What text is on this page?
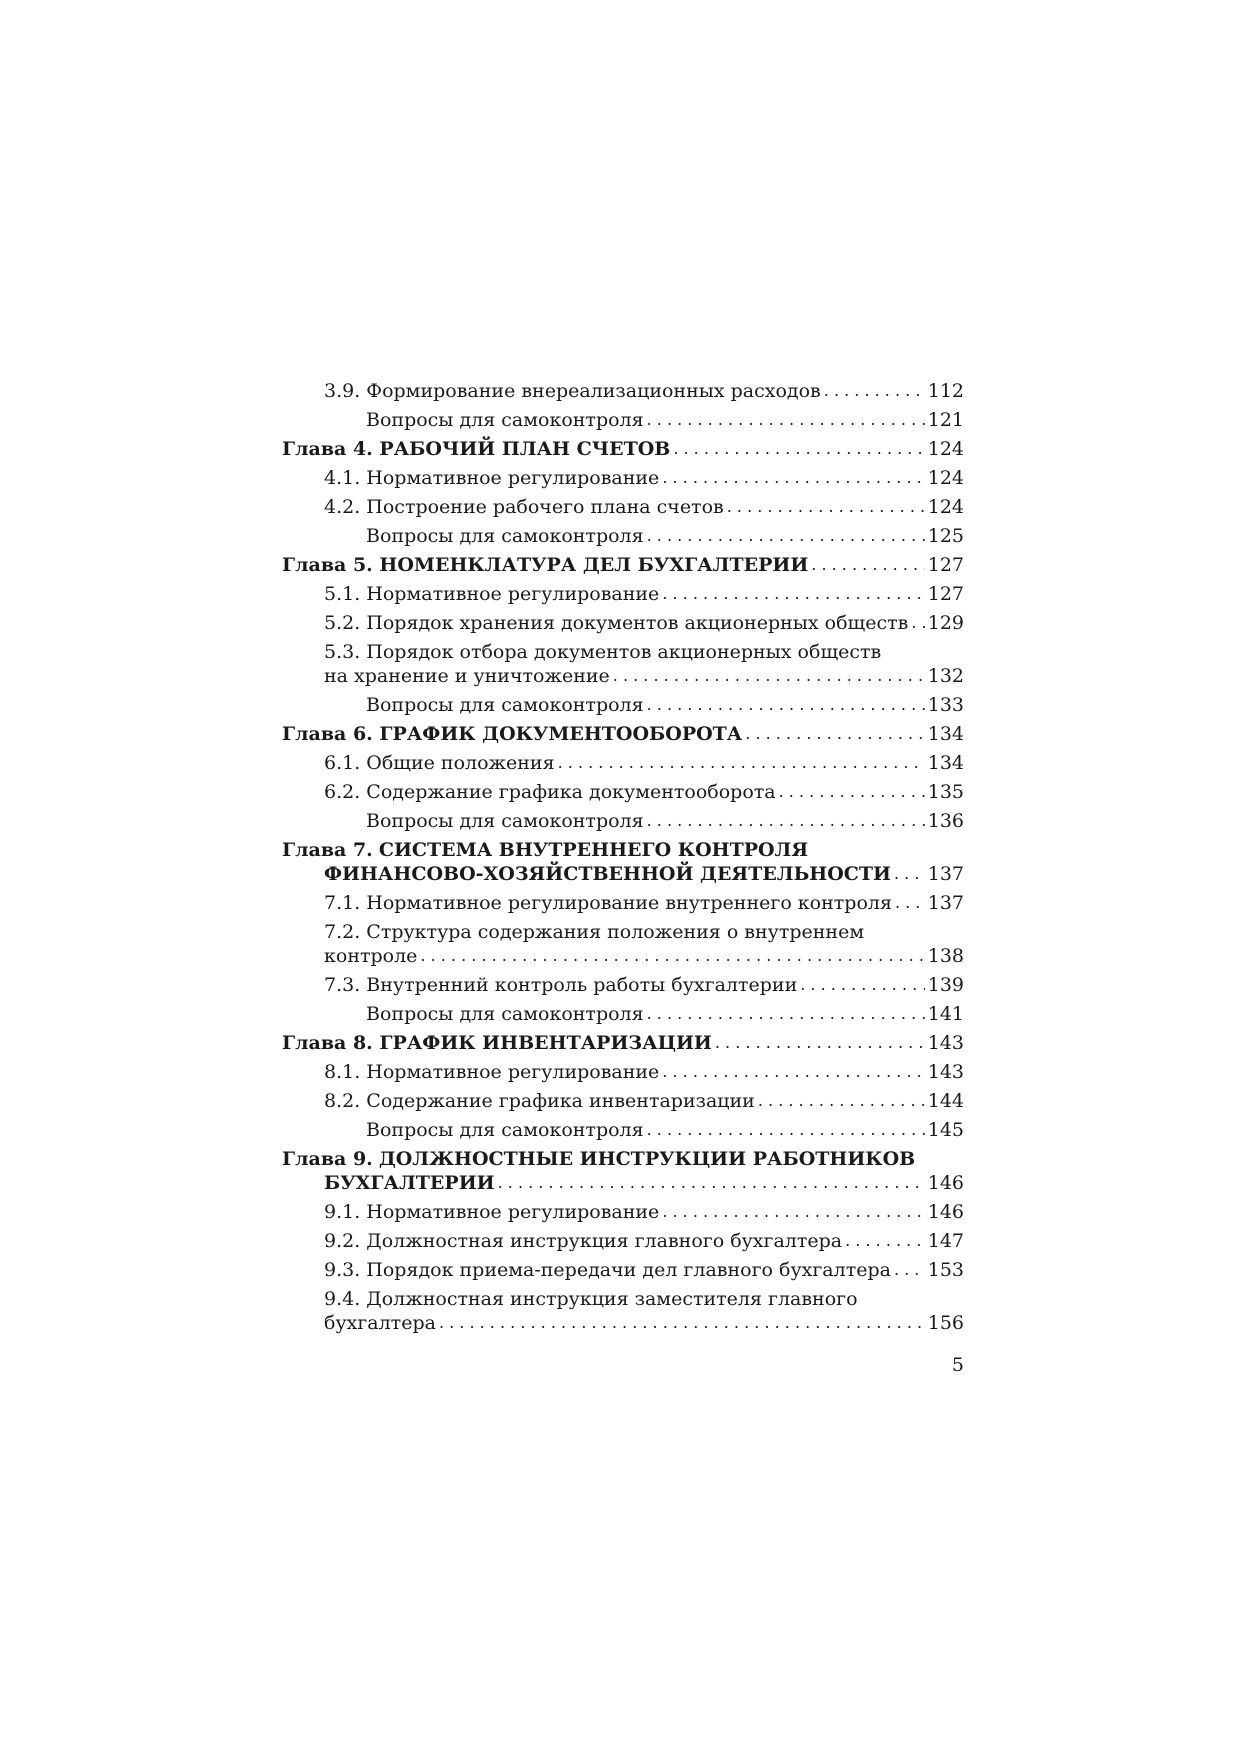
3.9. Формирование внереализационных расходов . . .	112
Вопросы для самоконтроля . . .	121
Глава 4. РАБОЧИЙ ПЛАН СЧЕТОВ . . .	124
4.1. Нормативное регулирование . . .	124
4.2. Построение рабочего плана счетов . . .	124
Вопросы для самоконтроля . . .	125
Глава 5. НОМЕНКЛАТУРА ДЕЛ БУХГАЛТЕРИИ . . .	127
5.1. Нормативное регулирование . . .	127
5.2. Порядок хранения документов акционерных обществ . . . 129
5.3. Порядок отбора документов акционерных обществ
на хранение и уничтожение . . .	132
Вопросы для самоконтроля . . .	133
Глава 6. ГРАФИК ДОКУМЕНТООБОРОТА . . .	134
6.1. Общие положения . . .	134
6.2. Содержание графика документооборота . . .	135
Вопросы для самоконтроля . . .	136
Глава 7. СИСТЕМА ВНУТРЕННЕГО КОНТРОЛЯ
ФИНАНСОВО-ХОЗЯЙСТВЕННОЙ ДЕЯТЕЛЬНОСТИ . . . 137
7.1. Нормативное регулирование внутреннего контроля . . . 137
7.2. Структура содержания положения о внутреннем
контроле . . .	138
7.3. Внутренний контроль работы бухгалтерии . . .	139
Вопросы для самоконтроля . . .	141
Глава 8. ГРАФИК ИНВЕНТАРИЗАЦИИ . . .	143
8.1. Нормативное регулирование . . .	143
8.2. Содержание графика инвентаризации . . .	144
Вопросы для самоконтроля . . .	145
Глава 9. ДОЛЖНОСТНЫЕ ИНСТРУКЦИИ РАБОТНИКОВ
БУХГАЛТЕРИИ . . .	146
9.1. Нормативное регулирование . . .	146
9.2. Должностная инструкция главного бухгалтера . . .	147
9.3. Порядок приема-передачи дел главного бухгалтера . . . 153
9.4. Должностная инструкция заместителя главного
бухгалтера . . .	156
5
